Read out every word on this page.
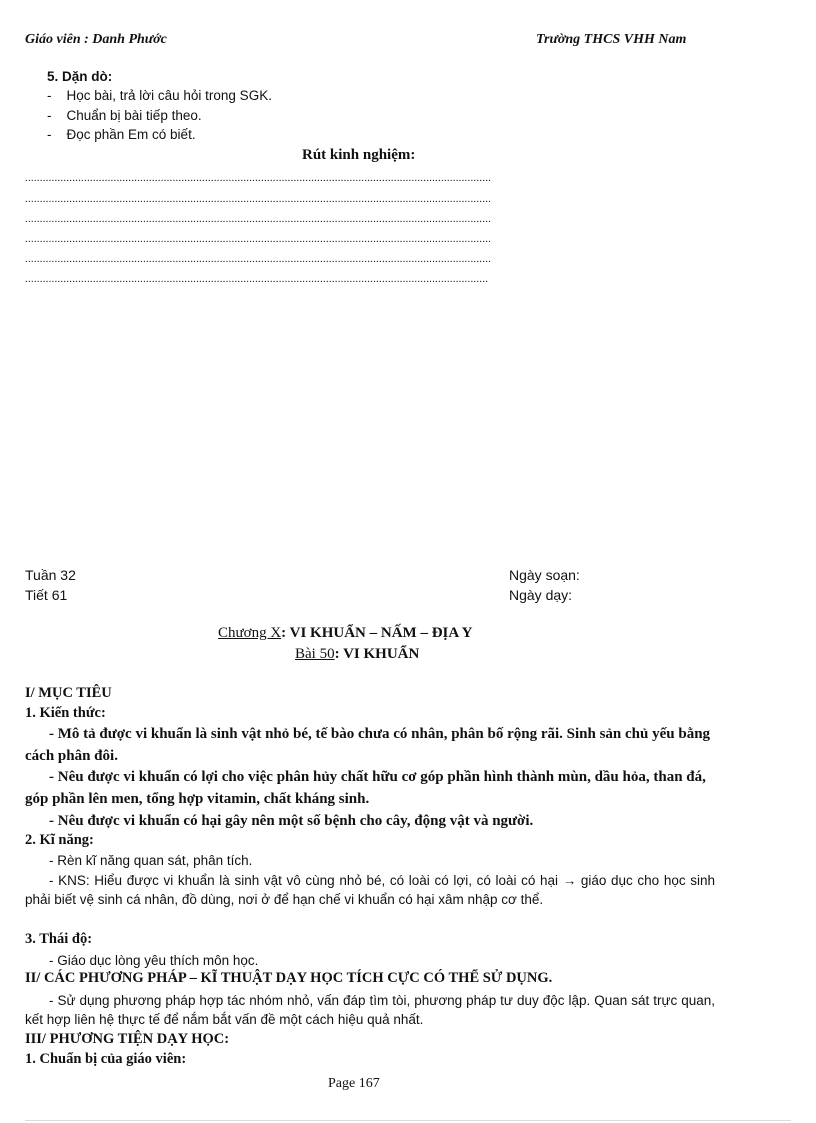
Giáo viên : Danh Phước	Trường THCS VHH Nam
5. Dặn dò:
-    Học bài, trả lời câu hỏi trong SGK.
-    Chuẩn bị bài tiếp theo.
-    Đọc phần Em có biết.
Rút kinh nghiệm:
..............................................................................................................................................................
..............................................................................................................................................................
..............................................................................................................................................................
..............................................................................................................................................................
..............................................................................................................................................................
.............................................................................................................................................................
Tuần 32
Tiết 61
Ngày soạn:
Ngày dạy:
Chương X: VI KHUẨN – NẤM – ĐỊA Y
Bài 50: VI KHUẨN
I/ MỤC TIÊU
1. Kiến thức:
- Mô tả được vi khuẩn là sinh vật nhỏ bé, tế bào chưa có nhân, phân bố rộng rãi. Sinh sản chủ yếu bằng cách phân đôi.
- Nêu được vi khuẩn có lợi cho việc phân hủy chất hữu cơ góp phần hình thành mùn, dầu hỏa, than đá, góp phần lên men, tổng hợp vitamin, chất kháng sinh.
- Nêu được vi khuẩn có hại gây nên một số bệnh cho cây, động vật và người.
2. Kĩ năng:
- Rèn kĩ năng quan sát, phân tích.
- KNS: Hiểu được vi khuẩn là sinh vật vô cùng nhỏ bé, có loài có lợi, có loài có hại → giáo dục cho học sinh phải biết vệ sinh cá nhân, đồ dùng, nơi ở để hạn chế vi khuẩn có hại xâm nhập cơ thể.
3. Thái độ:
- Giáo dục lòng yêu thích môn học.
II/ CÁC PHƯƠNG PHÁP – KĨ THUẬT DẠY HỌC TÍCH CỰC CÓ THỂ SỬ DỤNG.
- Sử dụng phương pháp hợp tác nhóm nhỏ, vấn đáp tìm tòi, phương pháp tư duy độc lập. Quan sát trực quan, kết hợp liên hệ thực tế để nắm bắt vấn đề một cách hiệu quả nhất.
III/ PHƯƠNG TIỆN DẠY HỌC:
1. Chuẩn bị của giáo viên:
Page 167
